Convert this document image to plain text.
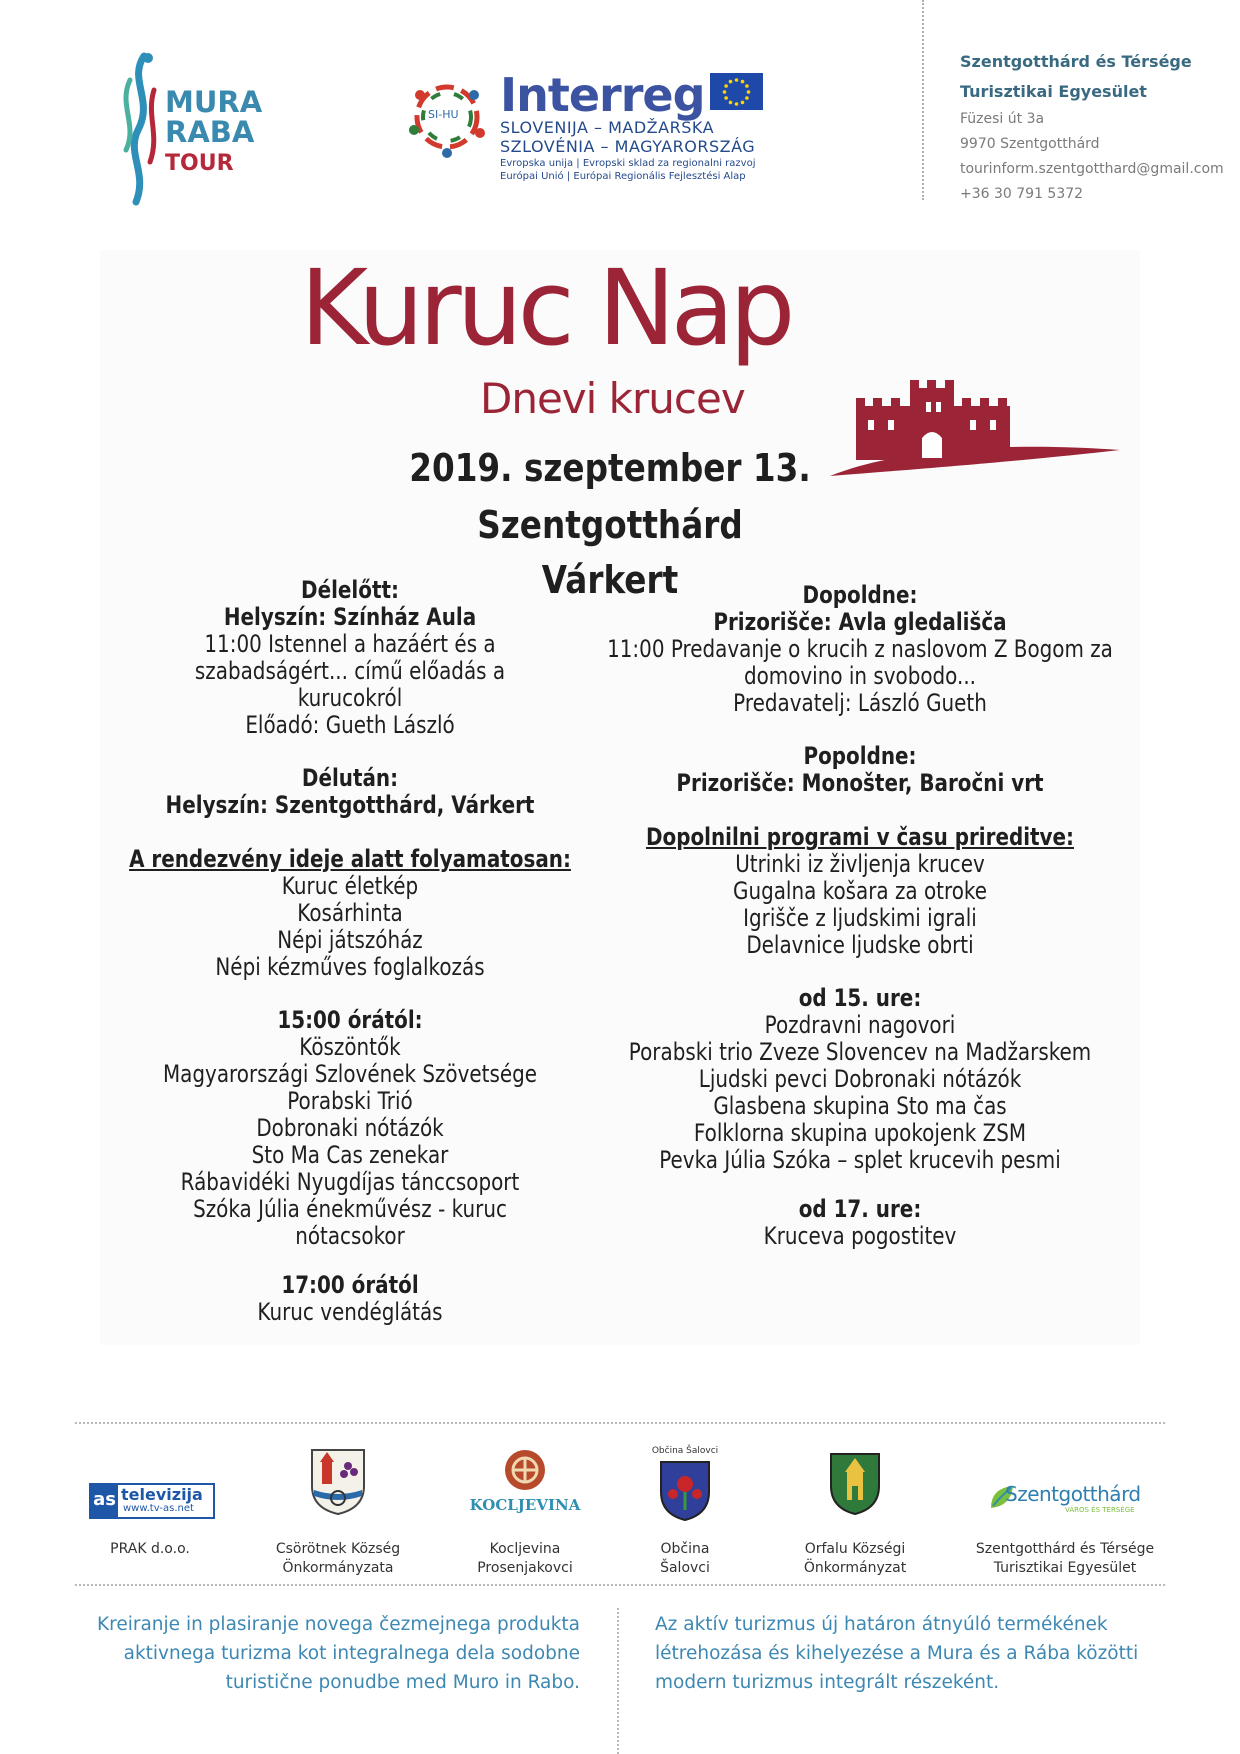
MURA
RABA
TOUR
SI-HU Interreg
SLOVENIJA – MADŽARSKA
SZLOVÉNIA – MAGYARORSZÁG
Evropska unija | Evropski sklad za regionalni razvoj
Európai Unió | Európai Regionális Fejlesztési Alap
Szentgotthárd és Térsége
Turisztikai Egyesület
Füzesi út 3a
9970 Szentgotthárd
tourinform.szentgotthard@gmail.com
+36 30 791 5372
Kuruc Nap
Dnevi krucev
2019. szeptember 13.
Szentgotthárd
Várkert
Délelőtt:
Helyszín: Színház Aula
11:00 Istennel a hazáért és a
szabadságért... című előadás a
kurucokról
Előadó: Gueth László
Délután:
Helyszín: Szentgotthárd, Várkert
A rendezvény ideje alatt folyamatosan:
Kuruc életkép
Kosárhinta
Népi játszóház
Népi kézműves foglalkozás
15:00 órától:
Köszöntők
Magyarországi Szlovének Szövetsége
Porabski Trió
Dobronaki nótázók
Sto Ma Cas zenekar
Rábavidéki Nyugdíjas tánccsoport
Szóka Júlia énekművész - kuruc
nótacsokor
17:00 órától
Kuruc vendéglátás
Dopoldne:
Prizorišče: Avla gledališča
11:00 Predavanje o krucih z naslovom Z Bogom za
domovino in svobodo...
Predavatelj: László Gueth
Popoldne:
Prizorišče: Monošter, Baročni vrt
Dopolnilni programi v času prireditve:
Utrinki iz življenja krucev
Gugalna košara za otroke
Igrišče z ljudskimi igrali
Delavnice ljudske obrti
od 15. ure:
Pozdravni nagovori
Porabski trio Zveze Slovencev na Madžarskem
Ljudski pevci Dobronaki nótázók
Glasbena skupina Sto ma čas
Folklorna skupina upokojenk ZSM
Pevka Júlia Szóka – splet krucevih pesmi
od 17. ure:
Kruceva pogostitev
as televizija
www.tv-as.net
PRAK d.o.o.	Csörötnek Község
Önkormányzata
KOCLJEVINA
Kocljevina
Prosenjakovci
Občina Šalovci
Občina
Šalovci
Orfalu Községi
Önkormányzat
Szentgotthárd
VÁROS ÉS TÉRSÉGE
Szentgotthárd és Térsége
Turisztikai Egyesület
Kreiranje in plasiranje novega čezmejnega produkta
aktivnega turizma kot integralnega dela sodobne
turistične ponudbe med Muro in Rabo.
Az aktív turizmus új határon átnyúló termékének
létrehozása és kihelyezése a Mura és a Rába közötti
modern turizmus integrált részeként.
